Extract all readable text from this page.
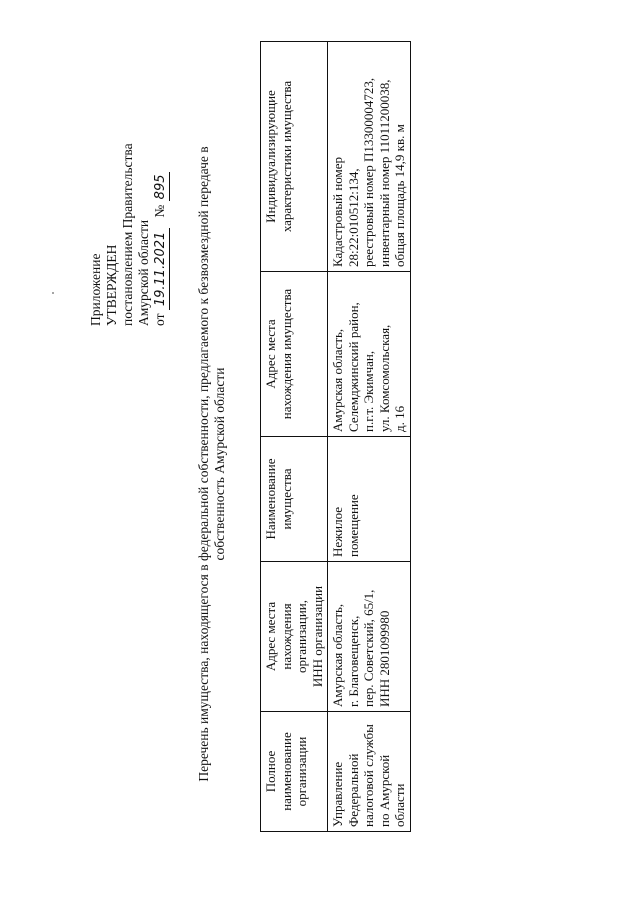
Приложение УТВЕРЖДЕН постановлением Правительства Амурской области от 19.11.2021   № 895 Перечень имущества, находящегося в федеральной собственности, предлагаемого к безвозмездной передаче в собственность Амурской области
Полное наименование организации	Адрес места нахождения организации, ИНН организации	Наименование имущества	Адрес места нахождения имущества	Индивидуализирующие характеристики имущества

Управление Федеральной налоговой службы по Амурской области	Амурская область, г. Благовещенск, пер. Советский, 65/1, ИНН 2801099980	Нежилое помещение	Амурская область, Селемджинский район, п.г.т. Экимчан, ул. Комсомольская, д. 16	Кадастровый номер 28:22:010512:134, реестровый номер П13300004723, инвентарный номер 11011200038, общая площадь 14,9 кв. м
